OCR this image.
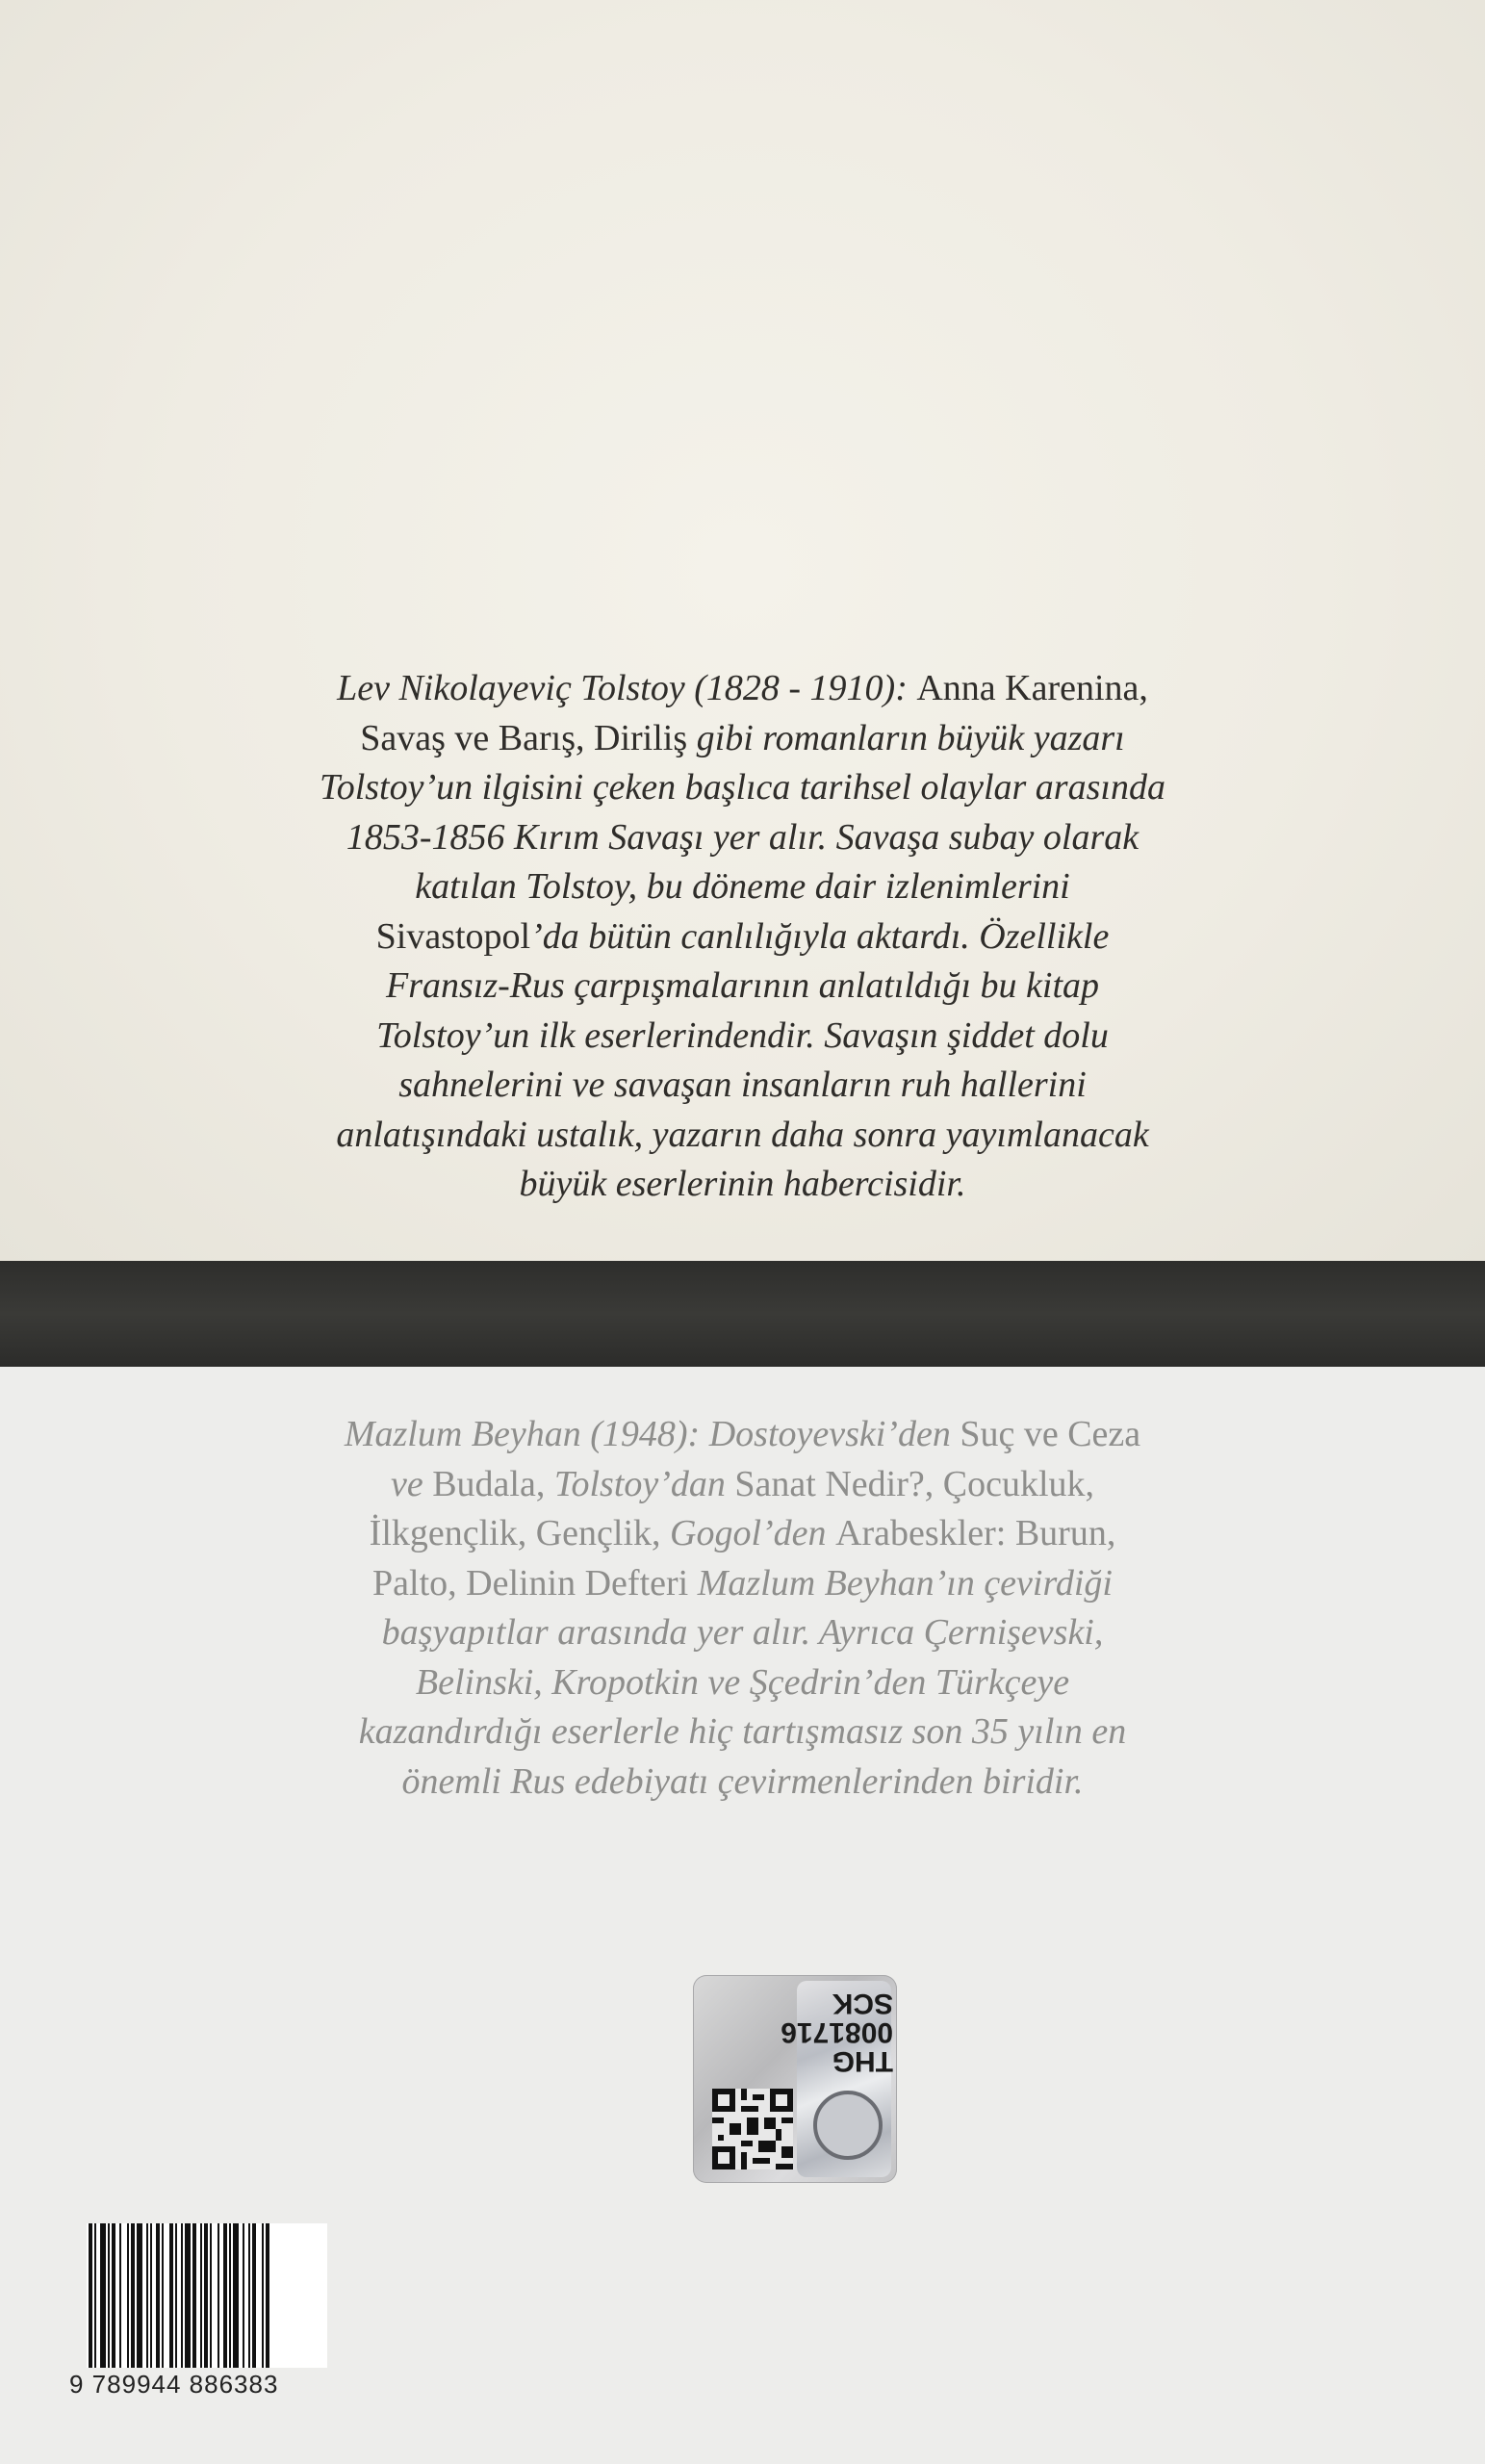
Lev Nikolayeviç Tolstoy (1828 - 1910): Anna Karenina,
Savaş ve Barış, Diriliş gibi romanların büyük yazarı
Tolstoy’un ilgisini çeken başlıca tarihsel olaylar arasında
1853-1856 Kırım Savaşı yer alır. Savaşa subay olarak
katılan Tolstoy, bu döneme dair izlenimlerini
Sivastopol’da bütün canlılığıyla aktardı. Özellikle
Fransız-Rus çarpışmalarının anlatıldığı bu kitap
Tolstoy’un ilk eserlerindendir. Savaşın şiddet dolu
sahnelerini ve savaşan insanların ruh hallerini
anlatışındaki ustalık, yazarın daha sonra yayımlanacak
büyük eserlerinin habercisidir.

Mazlum Beyhan (1948): Dostoyevski’den Suç ve Ceza
ve Budala, Tolstoy’dan Sanat Nedir?, Çocukluk,
İlkgençlik, Gençlik, Gogol’den Arabeskler: Burun,
Palto, Delinin Defteri Mazlum Beyhan’ın çevirdiği
başyapıtlar arasında yer alır. Ayrıca Çernişevski,
Belinski, Kropotkin ve Şçedrin’den Türkçeye
kazandırdığı eserlerle hiç tartışmasız son 35 yılın en
önemli Rus edebiyatı çevirmenlerinden biridir.

THG
0081716
SCK
9 789944 886383
